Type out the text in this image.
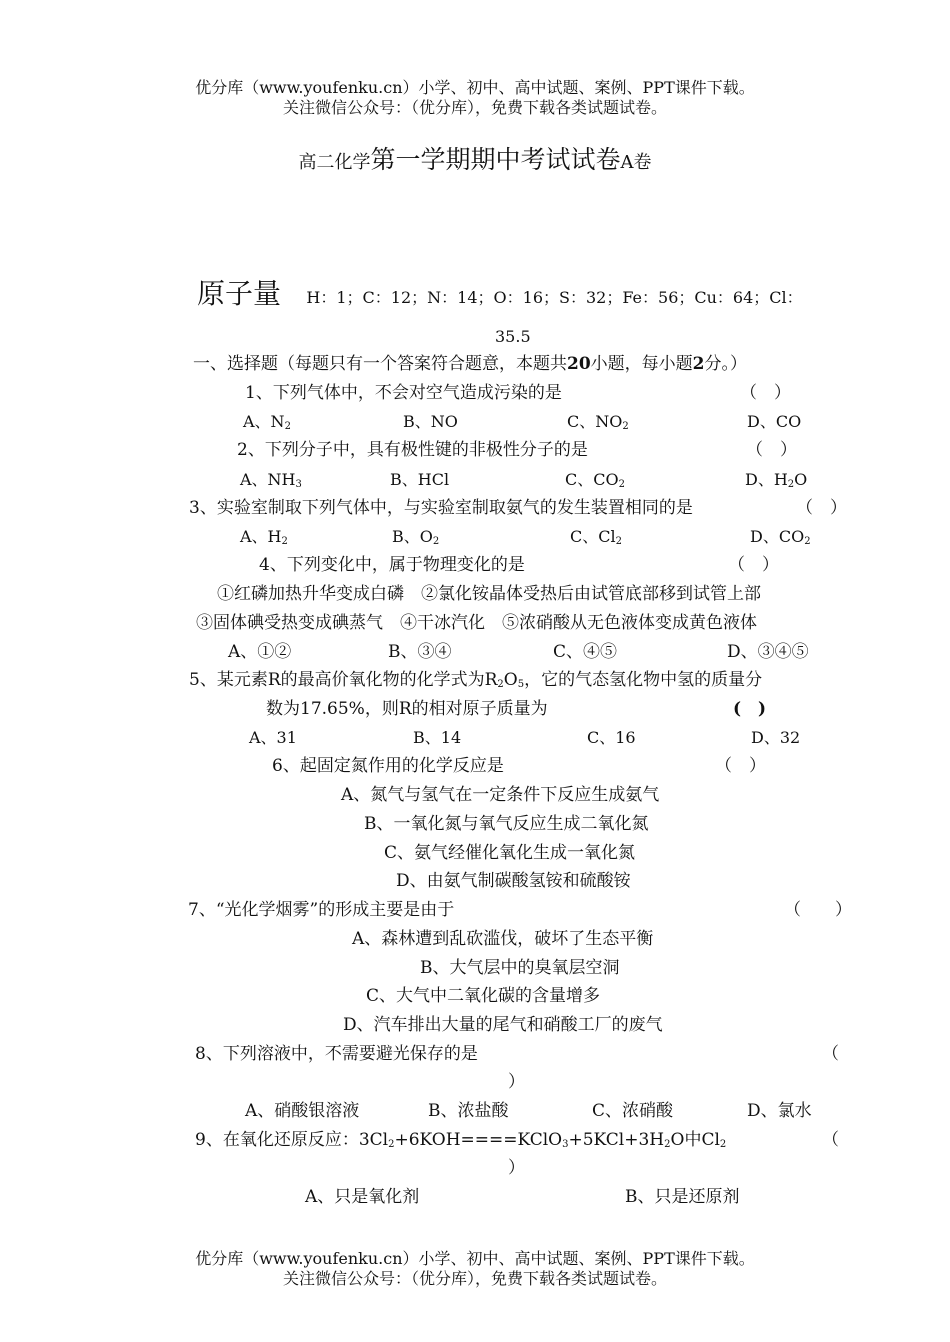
优分库（www.youfenku.cn）小学、初中、高中试题、案例、PPT课件下载。
关注微信公众号：（优分库），免费下载各类试题试卷。
高二化学第一学期期中考试试卷A卷
原子量 H：1；C：12；N：14；O：16；S：32；Fe：56；Cu：64；Cl：
35.5
一、选择题（每题只有一个答案符合题意，本题共20小题，每小题2分。）
1、下列气体中，不会对空气造成污染的是	（　）
A、$N_2$	B、NO	C、$NO_2$	D、CO
2、下列分子中，具有极性键的非极性分子的是	（　）
A、$NH_3$	B、HCl	C、$CO_2$	D、$H_2O$
3、实验室制取下列气体中，与实验室制取氨气的发生装置相同的是	（　）
A、$H_2$	B、$O_2$	C、$Cl_2$	D、$CO_2$
4、下列变化中，属于物理变化的是	（　）
①红磷加热升华变成白磷　②氯化铵晶体受热后由试管底部移到试管上部
③固体碘受热变成碘蒸气　④干冰汽化　⑤浓硝酸从无色液体变成黄色液体
A、①②	B、③④	C、④⑤	D、③④⑤
5、某元素R的最高价氧化物的化学式为$R_2O_5$，它的气态氢化物中氢的质量分
数为17.65%，则R的相对原子质量为	(　)
A、31	B、14	C、16	D、32
6、起固定氮作用的化学反应是	（　）
A、氮气与氢气在一定条件下反应生成氨气
B、一氧化氮与氧气反应生成二氧化氮
C、氨气经催化氧化生成一氧化氮
D、由氨气制碳酸氢铵和硫酸铵
7、“光化学烟雾”的形成主要是由于	（　　）
A、森林遭到乱砍滥伐，破坏了生态平衡
B、大气层中的臭氧层空洞
C、大气中二氧化碳的含量增多
D、汽车排出大量的尾气和硝酸工厂的废气
8、下列溶液中，不需要避光保存的是	（
）
A、硝酸银溶液	B、浓盐酸	C、浓硝酸	D、氯水
9、在氧化还原反应：$3Cl_2+6KOH====KClO_3+5KCl+3H_2O$中$Cl_2$	（
）
A、只是氧化剂	B、只是还原剂
优分库（www.youfenku.cn）小学、初中、高中试题、案例、PPT课件下载。
关注微信公众号：（优分库），免费下载各类试题试卷。
